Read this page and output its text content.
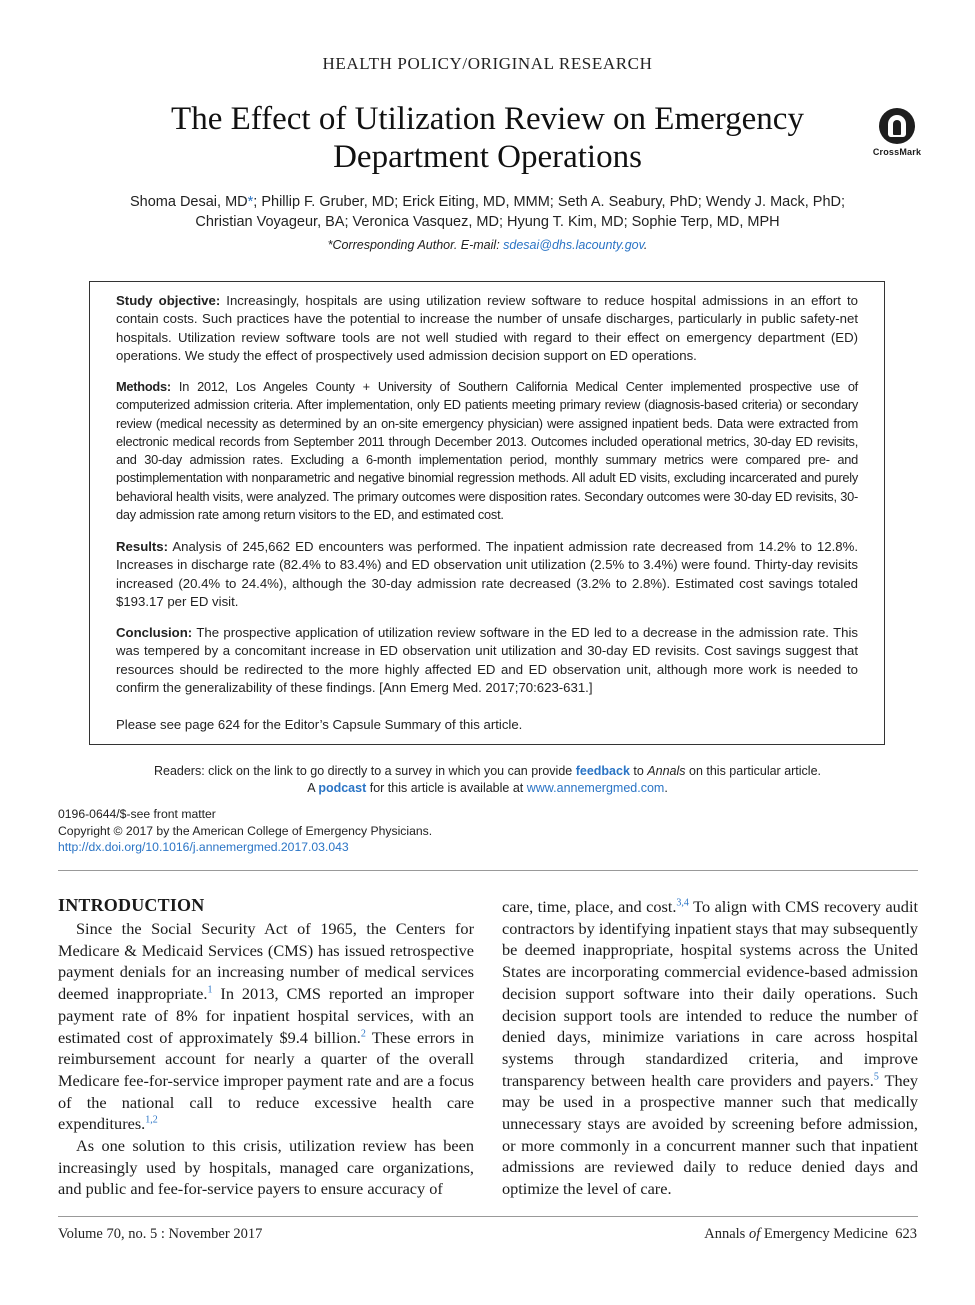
HEALTH POLICY/ORIGINAL RESEARCH
The Effect of Utilization Review on Emergency
Department Operations	CrossMark
Shoma Desai, MD*; Phillip F. Gruber, MD; Erick Eiting, MD, MMM; Seth A. Seabury, PhD; Wendy J. Mack, PhD;
Christian Voyageur, BA; Veronica Vasquez, MD; Hyung T. Kim, MD; Sophie Terp, MD, MPH
*Corresponding Author. E-mail: sdesai@dhs.lacounty.gov.

Study objective: Increasingly, hospitals are using utilization review software to reduce hospital admissions in an effort to contain costs. Such practices have the potential to increase the number of unsafe discharges, particularly in public safety-net hospitals. Utilization review software tools are not well studied with regard to their effect on emergency department (ED) operations. We study the effect of prospectively used admission decision support on ED operations.

Methods: In 2012, Los Angeles County + University of Southern California Medical Center implemented prospective use of computerized admission criteria. After implementation, only ED patients meeting primary review (diagnosis-based criteria) or secondary review (medical necessity as determined by an on-site emergency physician) were assigned inpatient beds. Data were extracted from electronic medical records from September 2011 through December 2013. Outcomes included operational metrics, 30-day ED revisits, and 30-day admission rates. Excluding a 6-month implementation period, monthly summary metrics were compared pre- and postimplementation with nonparametric and negative binomial regression methods. All adult ED visits, excluding incarcerated and purely behavioral health visits, were analyzed. The primary outcomes were disposition rates. Secondary outcomes were 30-day ED revisits, 30-day admission rate among return visitors to the ED, and estimated cost.

Results: Analysis of 245,662 ED encounters was performed. The inpatient admission rate decreased from 14.2% to 12.8%. Increases in discharge rate (82.4% to 83.4%) and ED observation unit utilization (2.5% to 3.4%) were found. Thirty-day revisits increased (20.4% to 24.4%), although the 30-day admission rate decreased (3.2% to 2.8%). Estimated cost savings totaled $193.17 per ED visit.

Conclusion: The prospective application of utilization review software in the ED led to a decrease in the admission rate. This was tempered by a concomitant increase in ED observation unit utilization and 30-day ED revisits. Cost savings suggest that resources should be redirected to the more highly affected ED and ED observation unit, although more work is needed to confirm the generalizability of these findings. [Ann Emerg Med. 2017;70:623-631.]

Please see page 624 for the Editor’s Capsule Summary of this article.

Readers: click on the link to go directly to a survey in which you can provide feedback to Annals on this particular article.
A podcast for this article is available at www.annemergmed.com.
0196-0644/$-see front matter
Copyright © 2017 by the American College of Emergency Physicians.
http://dx.doi.org/10.1016/j.annemergmed.2017.03.043
INTRODUCTION

Since the Social Security Act of 1965, the Centers for Medicare & Medicaid Services (CMS) has issued retrospective payment denials for an increasing number of medical services deemed inappropriate.$^1$ In 2013, CMS reported an improper payment rate of 8% for inpatient hospital services, with an estimated cost of approximately $9.4 billion.$^2$ These errors in reimbursement account for nearly a quarter of the overall Medicare fee-for-service improper payment rate and are a focus of the national call to reduce excessive health care expenditures.$^{1,2}$

As one solution to this crisis, utilization review has been increasingly used by hospitals, managed care organizations, and public and fee-for-service payers to ensure accuracy of

care, time, place, and cost.$^{3,4}$ To align with CMS recovery audit contractors by identifying inpatient stays that may subsequently be deemed inappropriate, hospital systems across the United States are incorporating commercial evidence-based admission decision support software into their daily operations. Such decision support tools are intended to reduce the number of denied days, minimize variations in care across hospital systems through standardized criteria, and improve transparency between health care providers and payers.$^5$ They may be used in a prospective manner such that medically unnecessary stays are avoided by screening before admission, or more commonly in a concurrent manner such that inpatient admissions are reviewed daily to reduce denied days and optimize the level of care.

Volume 70, no. 5 : November 2017	Annals of Emergency Medicine 623
